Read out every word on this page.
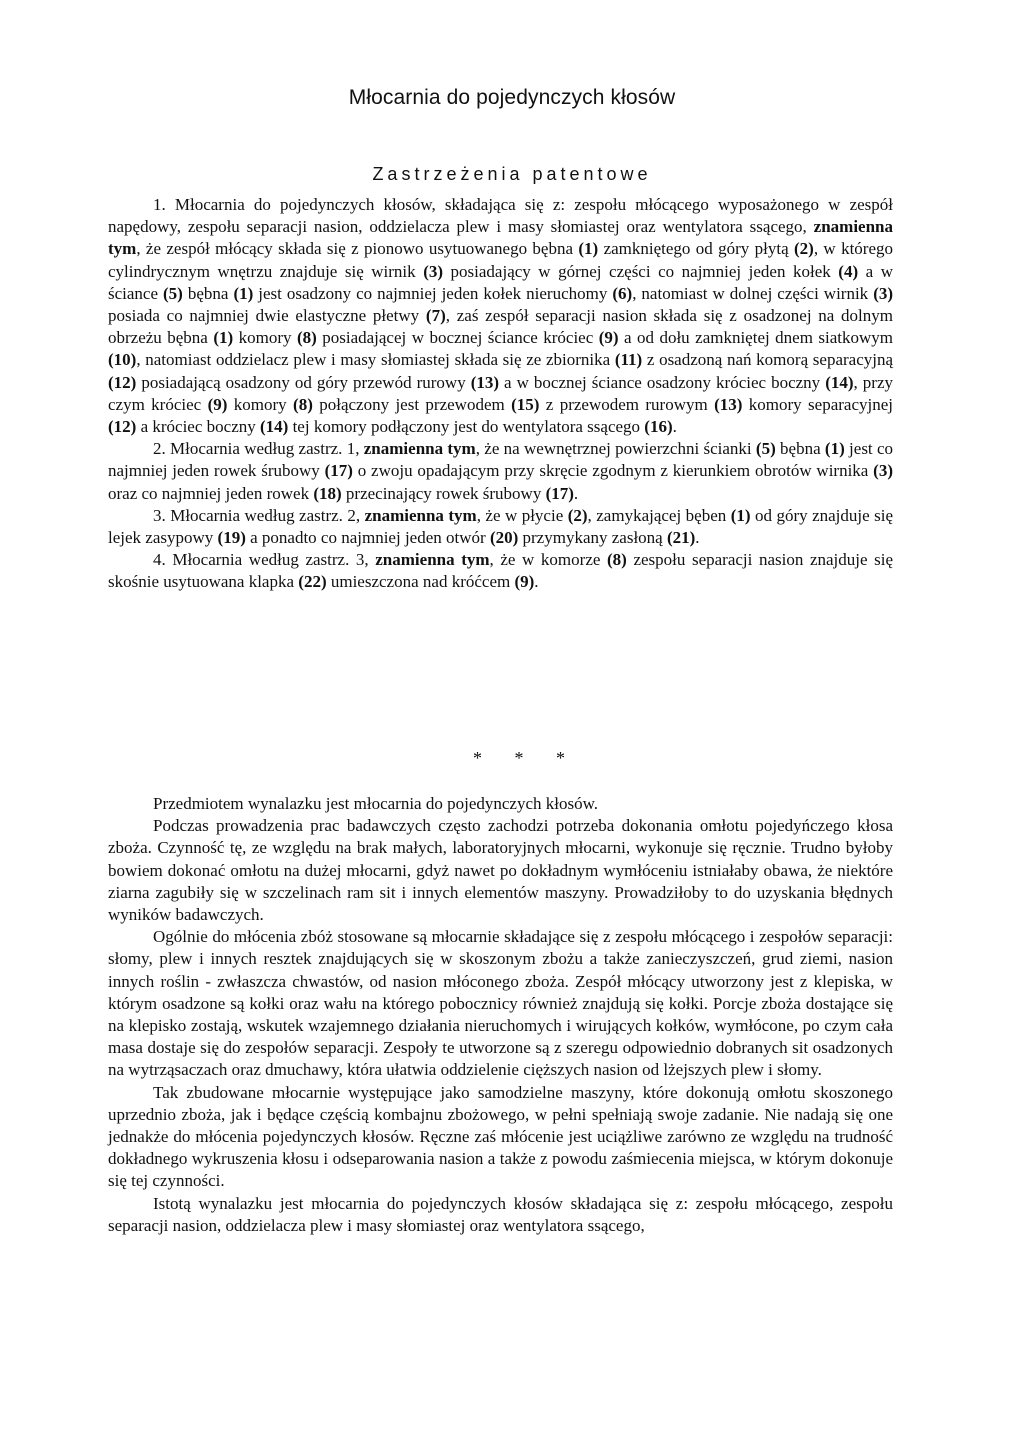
Młocarnia do pojedynczych kłosów
Zastrzeżenia patentowe

1. Młocarnia do pojedynczych kłosów, składająca się z: zespołu młócącego wyposażonego w zespół napędowy, zespołu separacji nasion, oddzielacza plew i masy słomiastej oraz wentylatora ssącego, znamienna tym, że zespół młócący składa się z pionowo usytuowanego bębna (1) zamkniętego od góry płytą (2), w którego cylindrycznym wnętrzu znajduje się wirnik (3) posiadający w górnej części co najmniej jeden kołek (4) a w ściance (5) bębna (1) jest osadzony co najmniej jeden kołek nieruchomy (6), natomiast w dolnej części wirnik (3) posiada co najmniej dwie elastyczne płetwy (7), zaś zespół separacji nasion składa się z osadzonej na dolnym obrzeżu bębna (1) komory (8) posiadającej w bocznej ściance króciec (9) a od dołu zamkniętej dnem siatkowym (10), natomiast oddzielacz plew i masy słomiastej składa się ze zbiornika (11) z osadzoną nań komorą separacyjną (12) posiadającą osadzony od góry przewód rurowy (13) a w bocznej ściance osadzony króciec boczny (14), przy czym króciec (9) komory (8) połączony jest przewodem (15) z przewodem rurowym (13) komory separacyjnej (12) a króciec boczny (14) tej komory podłączony jest do wentylatora ssącego (16).

2. Młocarnia według zastrz. 1, znamienna tym, że na wewnętrznej powierzchni ścianki (5) bębna (1) jest co najmniej jeden rowek śrubowy (17) o zwoju opadającym przy skręcie zgodnym z kierunkiem obrotów wirnika (3) oraz co najmniej jeden rowek (18) przecinający rowek śrubowy (17).

3. Młocarnia według zastrz. 2, znamienna tym, że w płycie (2), zamykającej bęben (1) od góry znajduje się lejek zasypowy (19) a ponadto co najmniej jeden otwór (20) przymykany zasłoną (21).

4. Młocarnia według zastrz. 3, znamienna tym, że w komorze (8) zespołu separacji nasion znajduje się skośnie usytuowana klapka (22) umieszczona nad króćcem (9).

* * *

Przedmiotem wynalazku jest młocarnia do pojedynczych kłosów.

Podczas prowadzenia prac badawczych często zachodzi potrzeba dokonania omłotu pojedyńczego kłosa zboża. Czynność tę, ze względu na brak małych, laboratoryjnych młocarni, wykonuje się ręcznie. Trudno byłoby bowiem dokonać omłotu na dużej młocarni, gdyż nawet po dokładnym wymłóceniu istniałaby obawa, że niektóre ziarna zagubiły się w szczelinach ram sit i innych elementów maszyny. Prowadziłoby to do uzyskania błędnych wyników badawczych.

Ogólnie do młócenia zbóż stosowane są młocarnie składające się z zespołu młócącego i zespołów separacji: słomy, plew i innych resztek znajdujących się w skoszonym zbożu a także zanieczyszczeń, grud ziemi, nasion innych roślin - zwłaszcza chwastów, od nasion młóconego zboża. Zespół młócący utworzony jest z klepiska, w którym osadzone są kołki oraz wału na którego pobocznicy również znajdują się kołki. Porcje zboża dostające się na klepisko zostają, wskutek wzajemnego działania nieruchomych i wirujących kołków, wymłócone, po czym cała masa dostaje się do zespołów separacji. Zespoły te utworzone są z szeregu odpowiednio dobranych sit osadzonych na wytrząsaczach oraz dmuchawy, która ułatwia oddzielenie cięższych nasion od lżejszych plew i słomy.

Tak zbudowane młocarnie występujące jako samodzielne maszyny, które dokonują omłotu skoszonego uprzednio zboża, jak i będące częścią kombajnu zbożowego, w pełni spełniają swoje zadanie. Nie nadają się one jednakże do młócenia pojedynczych kłosów. Ręczne zaś młócenie jest uciążliwe zarówno ze względu na trudność dokładnego wykruszenia kłosu i odseparowania nasion a także z powodu zaśmiecenia miejsca, w którym dokonuje się tej czynności.

Istotą wynalazku jest młocarnia do pojedynczych kłosów składająca się z: zespołu młócącego, zespołu separacji nasion, oddzielacza plew i masy słomiastej oraz wentylatora ssącego,
